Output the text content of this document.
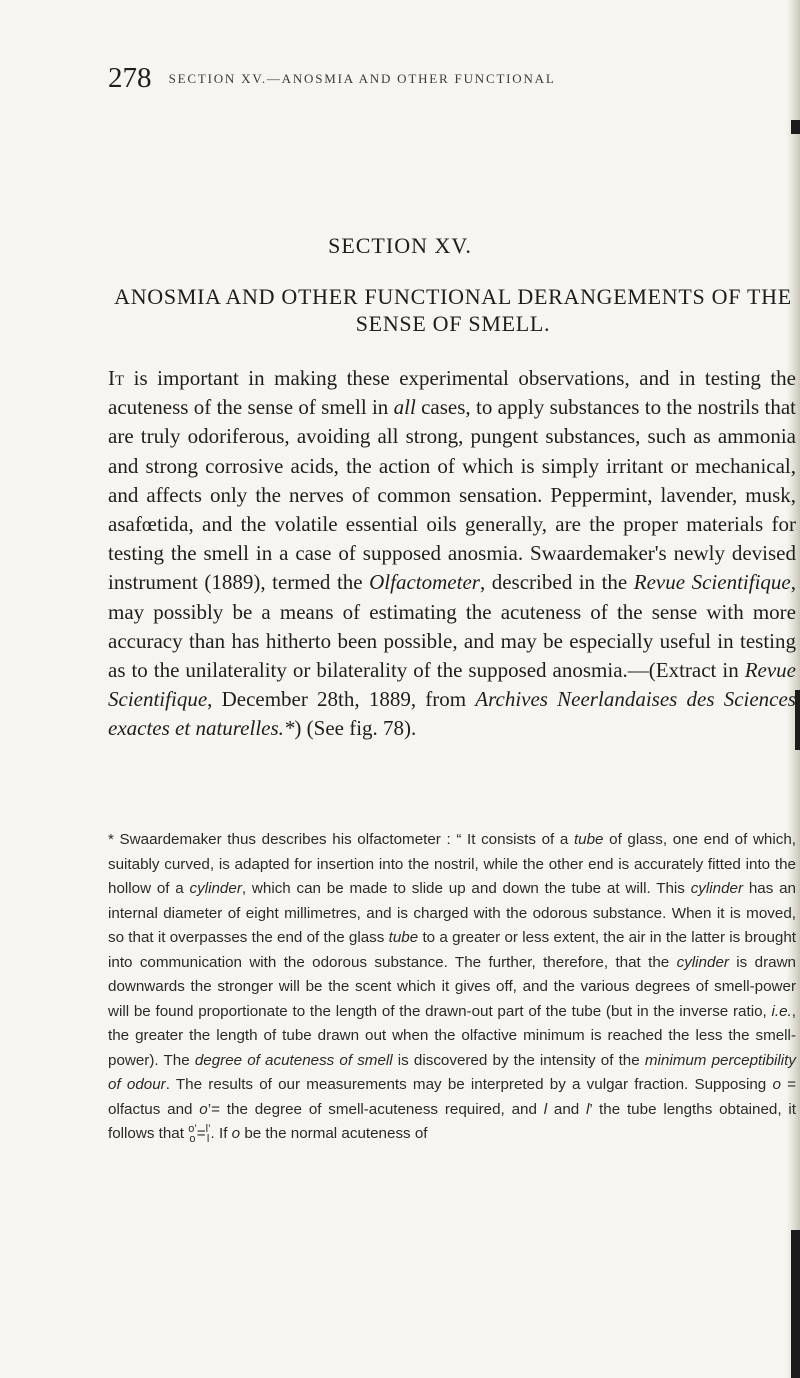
278 SECTION XV.—ANOSMIA AND OTHER FUNCTIONAL
SECTION XV.
ANOSMIA AND OTHER FUNCTIONAL DERANGEMENTS OF THE SENSE OF SMELL.

It is important in making these experimental observations, and in testing the acuteness of the sense of smell in all cases, to apply substances to the nostrils that are truly odoriferous, avoiding all strong, pungent substances, such as ammonia and strong corrosive acids, the action of which is simply irritant or mechanical, and affects only the nerves of common sensation. Peppermint, lavender, musk, asafœtida, and the volatile essential oils generally, are the proper materials for testing the smell in a case of supposed anosmia. Swaardemaker's newly devised instrument (1889), termed the Olfactometer, described in the Revue Scientifique, may possibly be a means of estimating the acuteness of the sense with more accuracy than has hitherto been possible, and may be especially useful in testing as to the unilaterality or bilaterality of the supposed anosmia.—(Extract in Revue Scientifique, December 28th, 1889, from Archives Neerlandaises des Sciences exactes et naturelles.*) (See fig. 78).

* Swaardemaker thus describes his olfactometer : “ It consists of a tube of glass, one end of which, suitably curved, is adapted for insertion into the nostril, while the other end is accurately fitted into the hollow of a cylinder, which can be made to slide up and down the tube at will. This cylinder has an internal diameter of eight millimetres, and is charged with the odorous substance. When it is moved, so that it overpasses the end of the glass tube to a greater or less extent, the air in the latter is brought into communication with the odorous substance. The further, therefore, that the cylinder is drawn downwards the stronger will be the scent which it gives off, and the various degrees of smell-power will be found proportionate to the length of the drawn-out part of the tube (but in the inverse ratio, i.e., the greater the length of tube drawn out when the olfactive minimum is reached the less the smell-power). The degree of acuteness of smell is discovered by the intensity of the minimum perceptibility of odour. The results of our measurements may be interpreted by a vulgar fraction. Supposing o = olfactus and o’= the degree of smell-acuteness required, and l and l’ the tube lengths obtained, it follows that o’
o = l’
l . If o be the normal acuteness of
